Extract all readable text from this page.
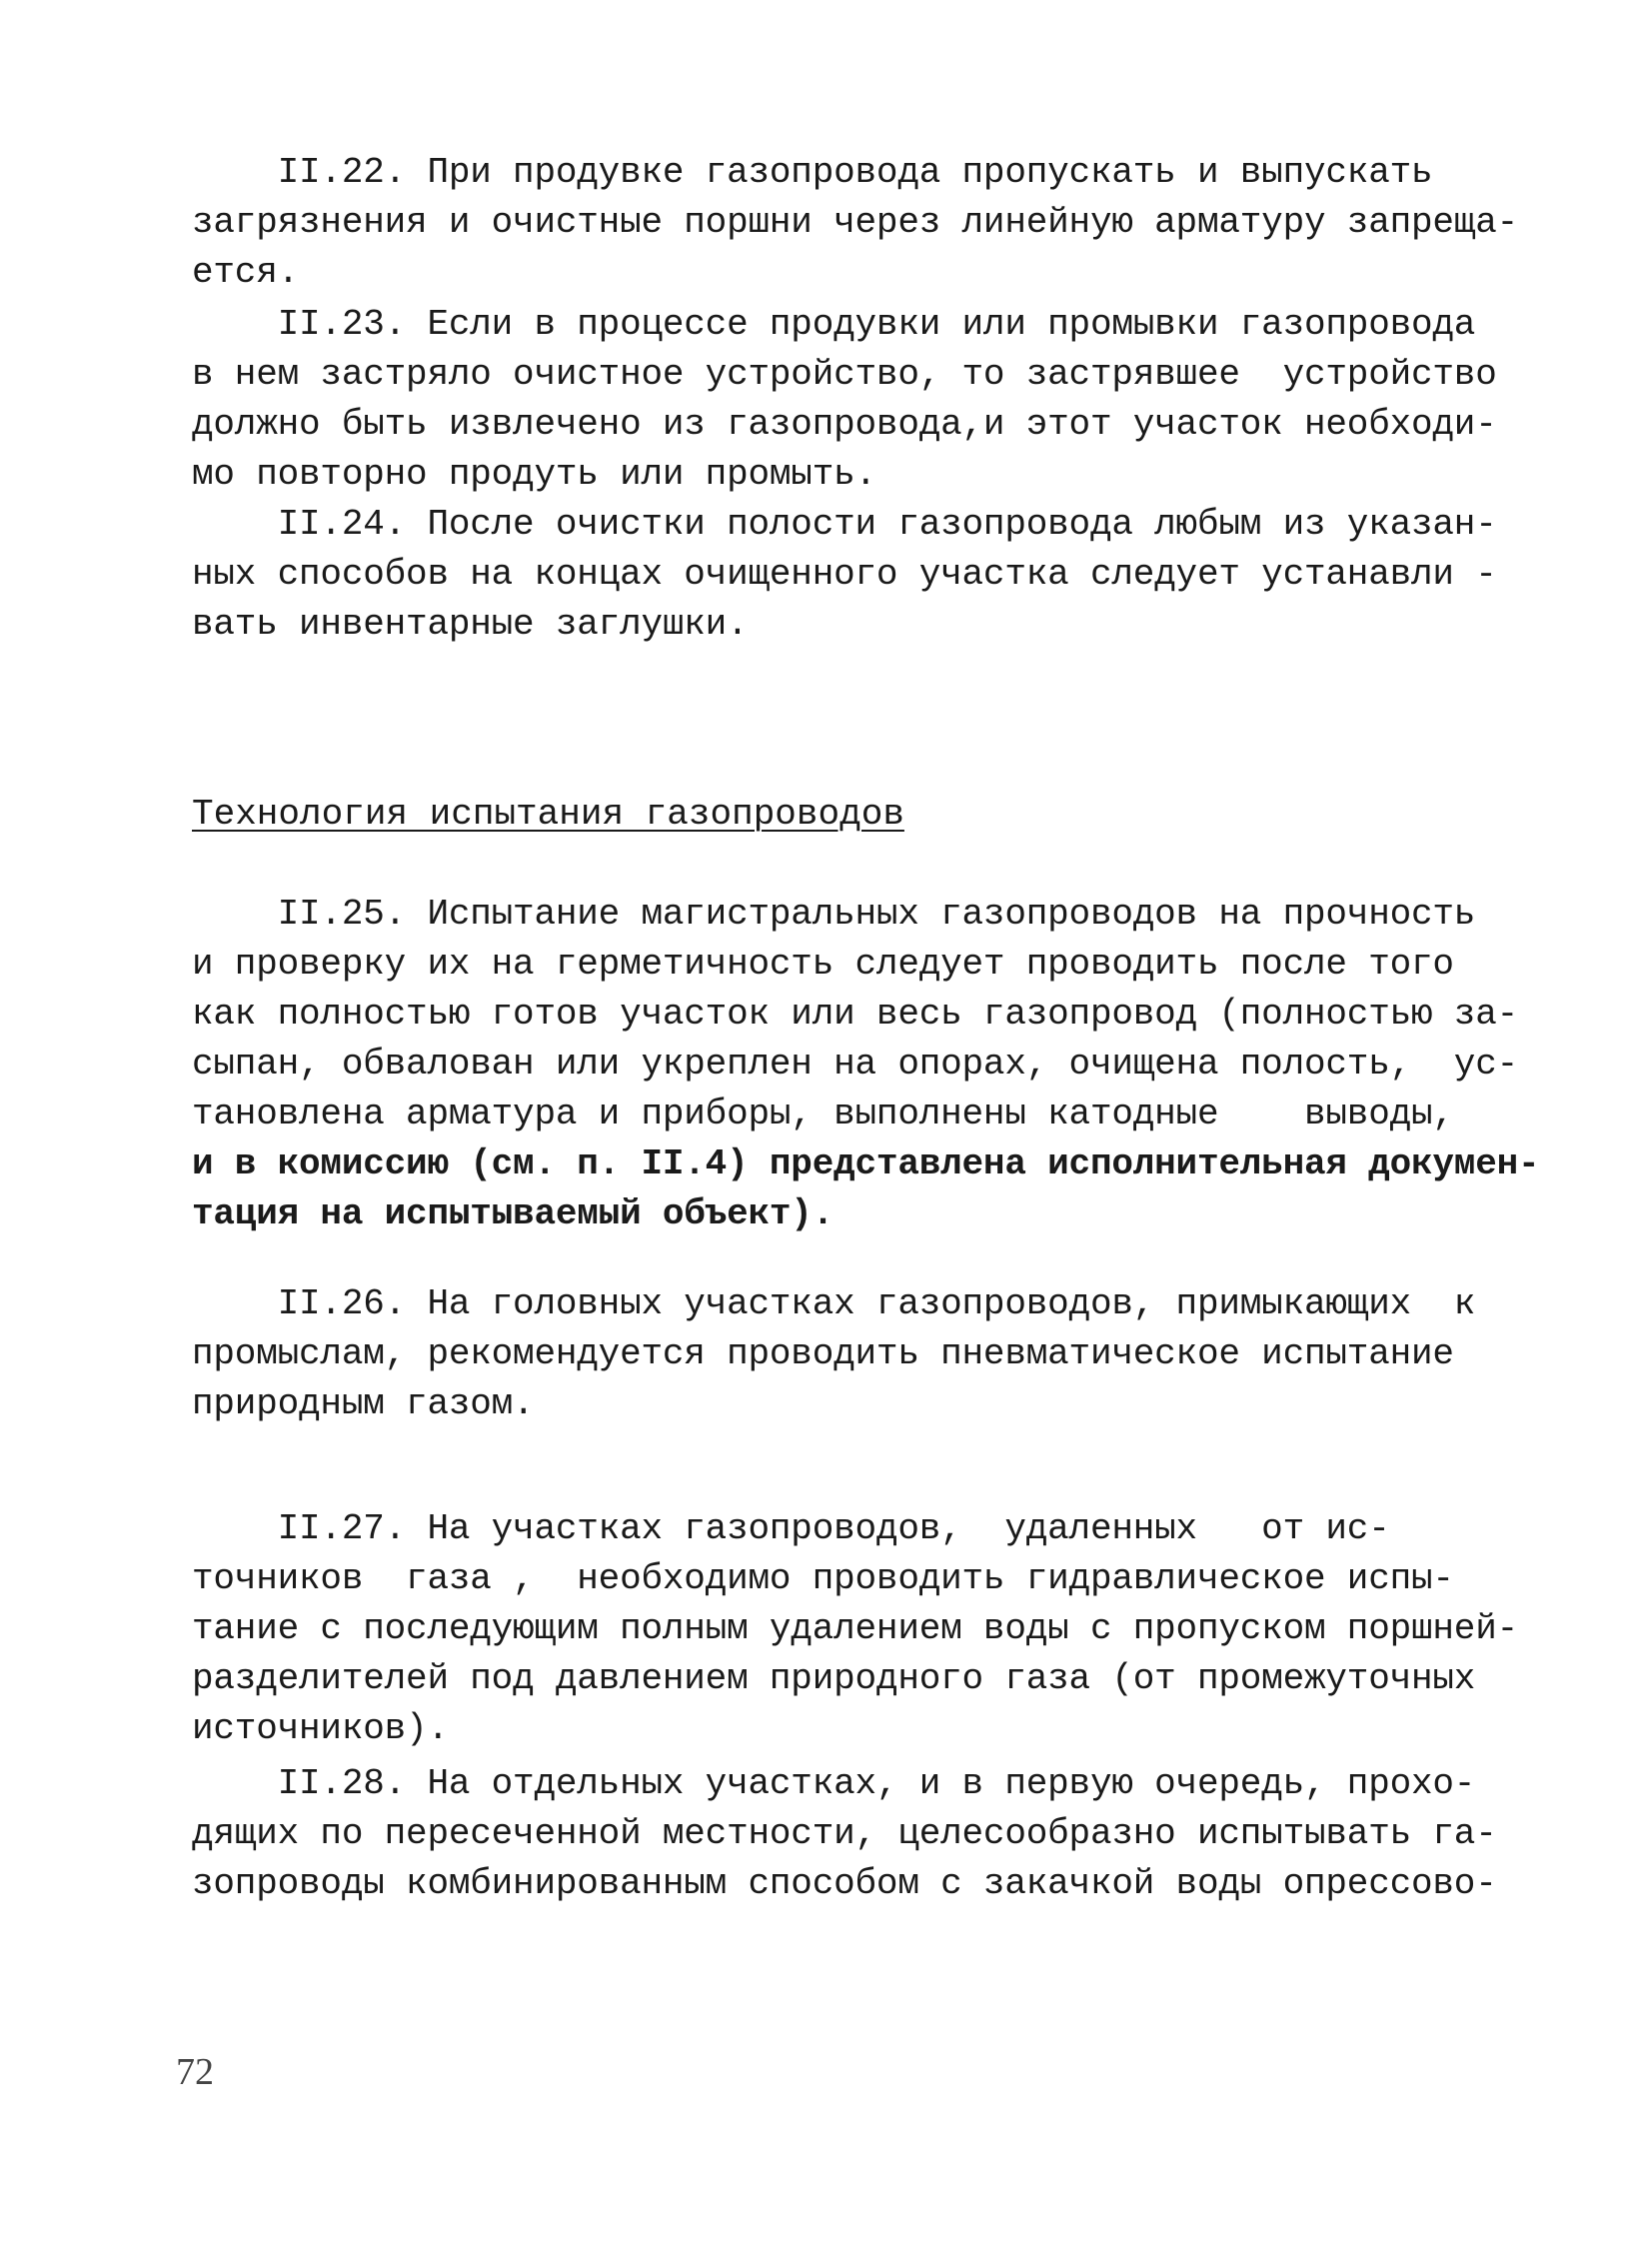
II.22. При продувке газопровода пропускать и выпускать
загрязнения и очистные поршни через линейную арматуру запреща-
ется.
II.23. Если в процессе продувки или промывки газопровода
в нем застряло очистное устройство, то застрявшее  устройство
должно быть извлечено из газопровода,и этот участок необходи-
мо повторно продуть или промыть.
II.24. После очистки полости газопровода любым из указан-
ных способов на концах очищенного участка следует устанавли -
вать инвентарные заглушки.
Технология испытания газопроводов
II.25. Испытание магистральных газопроводов на прочность
и проверку их на герметичность следует проводить после того
как полностью готов участок или весь газопровод (полностью за-
сыпан, обвалован или укреплен на опорах, очищена полость,  ус-
тановлена арматура и приборы, выполнены катодные    выводы,
и в комиссию (см. п. II.4) представлена исполнительная докумен-
тация на испытываемый объект).
II.26. На головных участках газопроводов, примыкающих  к
промыслам, рекомендуется проводить пневматическое испытание
природным газом.
II.27. На участках газопроводов,  удаленных   от ис-
точников  газа ,  необходимо проводить гидравлическое испы-
тание с последующим полным удалением воды с пропуском поршней-
разделителей под давлением природного газа (от промежуточных
источников).
II.28. На отдельных участках, и в первую очередь, прохо-
дящих по пересеченной местности, целесообразно испытывать га-
зопроводы комбинированным способом с закачкой воды опрессово-
72
